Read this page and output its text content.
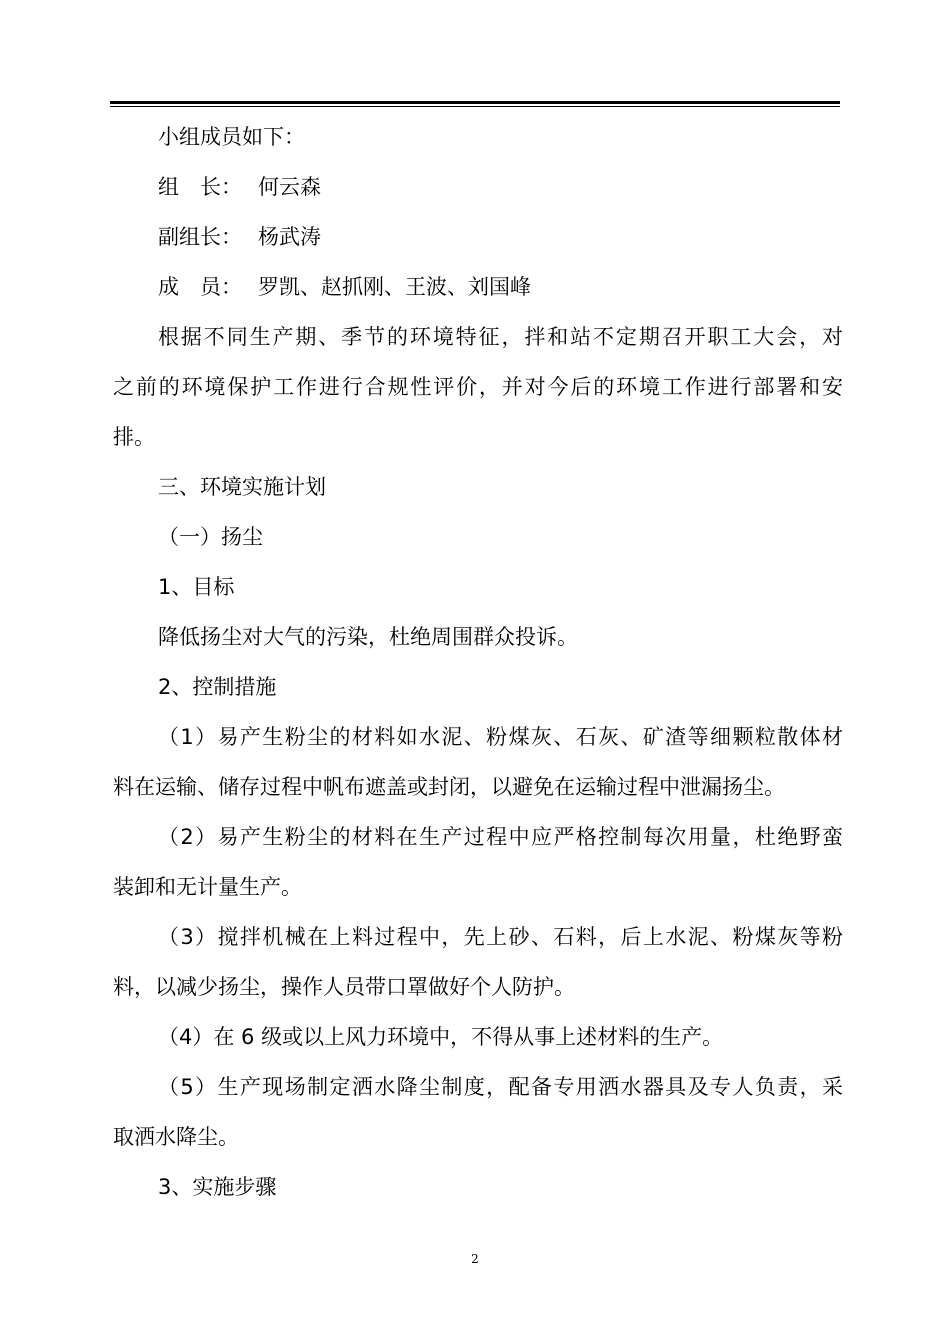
小组成员如下：
组　长： 何云森
副组长： 杨武涛
成　员： 罗凯、赵抓刚、王波、刘国峰
根据不同生产期、季节的环境特征，拌和站不定期召开职工大会，对
之前的环境保护工作进行合规性评价，并对今后的环境工作进行部署和安
排。
三、环境实施计划
（一）扬尘
1、目标
降低扬尘对大气的污染，杜绝周围群众投诉。
2、控制措施
（1）易产生粉尘的材料如水泥、粉煤灰、石灰、矿渣等细颗粒散体材
料在运输、储存过程中帆布遮盖或封闭，以避免在运输过程中泄漏扬尘。
（2）易产生粉尘的材料在生产过程中应严格控制每次用量，杜绝野蛮
装卸和无计量生产。
（3）搅拌机械在上料过程中，先上砂、石料，后上水泥、粉煤灰等粉
料，以减少扬尘，操作人员带口罩做好个人防护。
（4）在 6 级或以上风力环境中，不得从事上述材料的生产。
（5）生产现场制定洒水降尘制度，配备专用洒水器具及专人负责，采
取洒水降尘。
3、实施步骤
2
